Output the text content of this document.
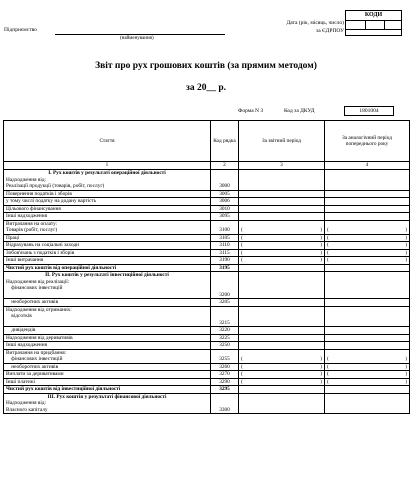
КОДИ
Підприємство
(найменування)
Дата (рік, місяць, число)
за ЄДРПОУ
Звіт про рух грошових коштів (за прямим методом)
за 20__ р.
Форма N 3	Код за ДКУД	1801004
Стаття	Код рядка	За звітний період	За аналогічний період попереднього року
1	2	3	4
I. Рух коштів у результаті операційної діяльності			
Надходження від:			
Реалізації продукції (товарів, робіт, послуг)	3000		
Повернення податків і зборів	3005		
у тому числі податку на додану вартість	3006		
Цільового фінансування	3010		
Інші надходження	3095		
Витрачання на оплату:			
Товарів (робіт, послуг)	3100	( )	( )

Праці	3105	( )	( )

Відрахувань на соціальні заходи	3110	( )	( )

Зобов'язань з податків і зборів	3115	( )	( )

Інші витрачання	3190	( )	( )

Чистий рух коштів від операційної діяльності	3195		
II. Рух коштів у результаті інвестиційної діяльності			
Надходження від реалізації:			
фінансових інвестицій			
	3200		
необоротних активів	3205		
Надходження від отриманих:			
відсотків			
	3215		
дивідендів	3220		
Надходження від деривативів	3225		
Інші надходження	3250		
Витрачання на придбання:			
фінансових інвестицій	3255	( )	( )

необоротних активів	3260	( )	( )

Виплати за деривативами	3270	( )	( )

Інші платежі	3290	( )	( )

Чистий рух коштів від інвестиційної діяльності	3295		
III. Рух коштів у результаті фінансової діяльності			
Надходження від:			
Власного капіталу	3300		
